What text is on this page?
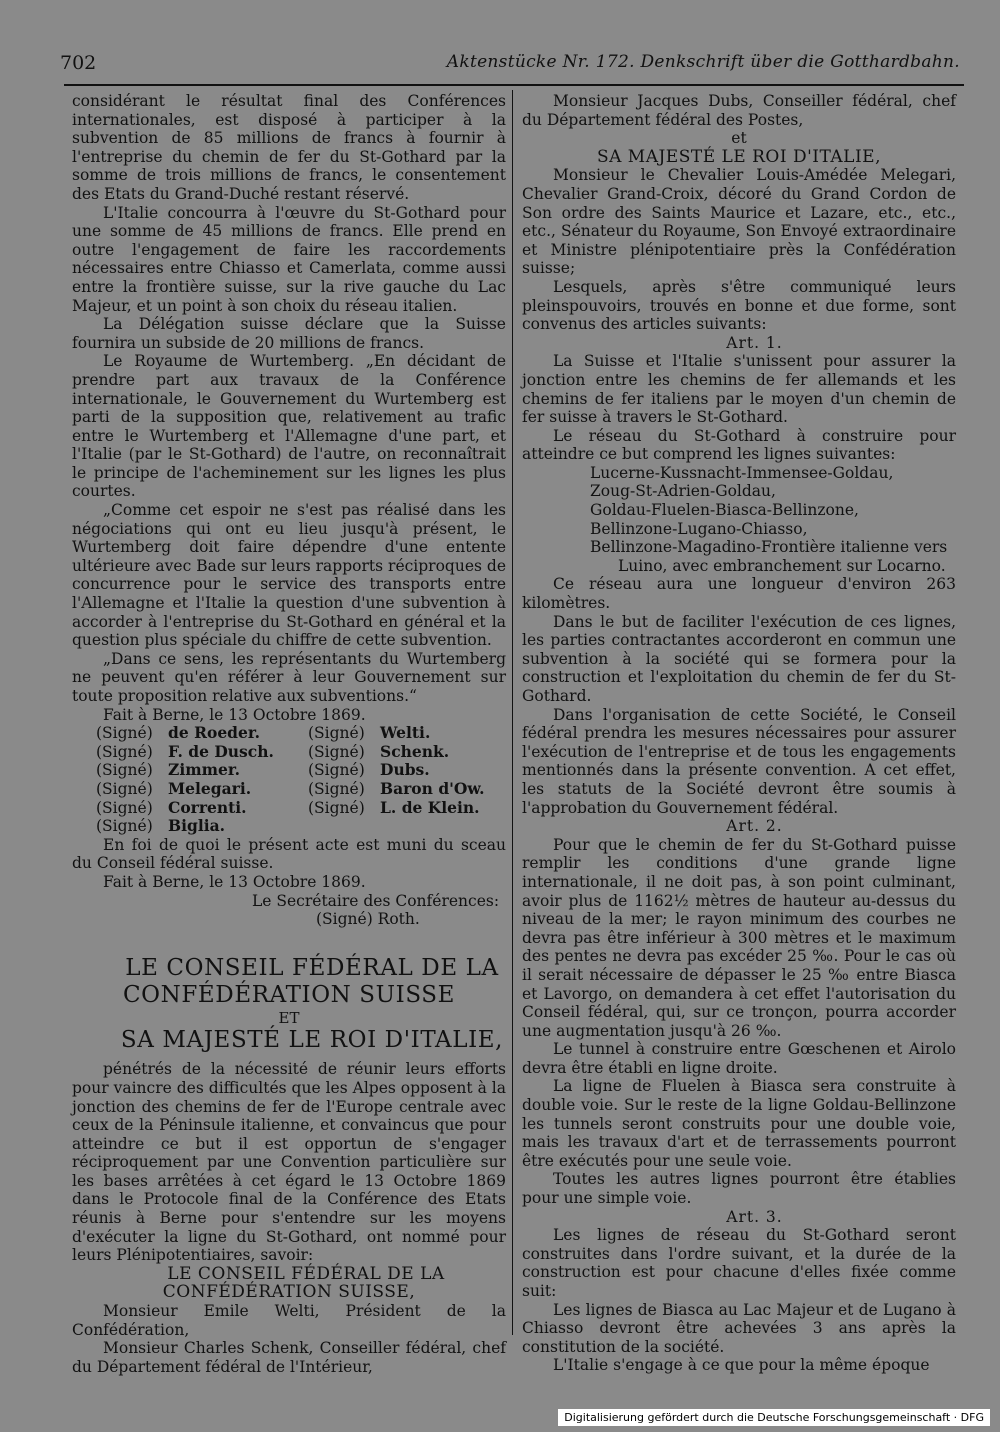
702	Aktenstücke Nr. 172. Denkschrift über die Gotthardbahn.

considérant le résultat final des Conférences internationales, est disposé à participer à la subvention de 85 millions de francs à fournir à l'entreprise du chemin de fer du St-Gothard par la somme de trois millions de francs, le consentement des Etats du Grand-Duché restant réservé.

L'Italie concourra à l'œuvre du St-Gothard pour une somme de 45 millions de francs. Elle prend en outre l'engagement de faire les raccordements nécessaires entre Chiasso et Camerlata, comme aussi entre la frontière suisse, sur la rive gauche du Lac Majeur, et un point à son choix du réseau italien.

La Délégation suisse déclare que la Suisse fournira un subside de 20 millions de francs.

Le Royaume de Wurtemberg. „En décidant de prendre part aux travaux de la Conférence internationale, le Gouvernement du Wurtemberg est parti de la supposition que, relativement au trafic entre le Wurtemberg et l'Allemagne d'une part, et l'Italie (par le St-Gothard) de l'autre, on reconnaîtrait le principe de l'acheminement sur les lignes les plus courtes.

„Comme cet espoir ne s'est pas réalisé dans les négociations qui ont eu lieu jusqu'à présent, le Wurtemberg doit faire dépendre d'une entente ultérieure avec Bade sur leurs rapports réciproques de concurrence pour le service des transports entre l'Allemagne et l'Italie la question d'une subvention à accorder à l'entreprise du St-Gothard en général et la question plus spéciale du chiffre de cette subvention.

„Dans ce sens, les représentants du Wurtemberg ne peuvent qu'en référer à leur Gouvernement sur toute proposition relative aux subventions.“

Fait à Berne, le 13 Octobre 1869.

(Signé) de Roeder.	(Signé) Welti.
(Signé) F. de Dusch.	(Signé) Schenk.
(Signé) Zimmer.	(Signé) Dubs.
(Signé) Melegari.	(Signé) Baron d'Ow.
(Signé) Correnti.	(Signé) L. de Klein.
(Signé) Biglia.

En foi de quoi le présent acte est muni du sceau du Conseil fédéral suisse.

Fait à Berne, le 13 Octobre 1869.

Le Secrétaire des Conférences:

(Signé) Roth.

LE CONSEIL FÉDÉRAL DE LA CONFÉDÉRATION SUISSE

ET

SA MAJESTÉ LE ROI D'ITALIE,

pénétrés de la nécessité de réunir leurs efforts pour vaincre des difficultés que les Alpes opposent à la jonction des chemins de fer de l'Europe centrale avec ceux de la Péninsule italienne, et convaincus que pour atteindre ce but il est opportun de s'engager réciproquement par une Convention particulière sur les bases arrêtées à cet égard le 13 Octobre 1869 dans le Protocole final de la Conférence des Etats réunis à Berne pour s'entendre sur les moyens d'exécuter la ligne du St-Gothard, ont nommé pour leurs Plénipotentiaires, savoir:

LE CONSEIL FÉDÉRAL DE LA CONFÉDÉRATION SUISSE,

Monsieur Emile Welti, Président de la Confédération,

Monsieur Charles Schenk, Conseiller fédéral, chef du Département fédéral de l'Intérieur,

Monsieur Jacques Dubs, Conseiller fédéral, chef du Département fédéral des Postes,

et

SA MAJESTÉ LE ROI D'ITALIE,

Monsieur le Chevalier Louis-Amédée Melegari, Chevalier Grand-Croix, décoré du Grand Cordon de Son ordre des Saints Maurice et Lazare, etc., etc., etc., Sénateur du Royaume, Son Envoyé extraordinaire et Ministre plénipotentiaire près la Confédération suisse;

Lesquels, après s'être communiqué leurs pleinspouvoirs, trouvés en bonne et due forme, sont convenus des articles suivants:

Art. 1.

La Suisse et l'Italie s'unissent pour assurer la jonction entre les chemins de fer allemands et les chemins de fer italiens par le moyen d'un chemin de fer suisse à travers le St-Gothard.

Le réseau du St-Gothard à construire pour atteindre ce but comprend les lignes suivantes:

Lucerne-Kussnacht-Immensee-Goldau,

Zoug-St-Adrien-Goldau,

Goldau-Fluelen-Biasca-Bellinzone,

Bellinzone-Lugano-Chiasso,

Bellinzone-Magadino-Frontière italienne vers

Luino, avec embranchement sur Locarno.

Ce réseau aura une longueur d'environ 263 kilomètres.

Dans le but de faciliter l'exécution de ces lignes, les parties contractantes accorderont en commun une subvention à la société qui se formera pour la construction et l'exploitation du chemin de fer du St-Gothard.

Dans l'organisation de cette Société, le Conseil fédéral prendra les mesures nécessaires pour assurer l'exécution de l'entreprise et de tous les engagements mentionnés dans la présente convention. A cet effet, les statuts de la Société devront être soumis à l'approbation du Gouvernement fédéral.

Art. 2.

Pour que le chemin de fer du St-Gothard puisse remplir les conditions d'une grande ligne internationale, il ne doit pas, à son point culminant, avoir plus de 1162½ mètres de hauteur au-dessus du niveau de la mer; le rayon minimum des courbes ne devra pas être inférieur à 300 mètres et le maximum des pentes ne devra pas excéder 25 ‰. Pour le cas où il serait nécessaire de dépasser le 25 ‰ entre Biasca et Lavorgo, on demandera à cet effet l'autorisation du Conseil fédéral, qui, sur ce tronçon, pourra accorder une augmentation jusqu'à 26 ‰.

Le tunnel à construire entre Gœschenen et Airolo devra être établi en ligne droite.

La ligne de Fluelen à Biasca sera construite à double voie. Sur le reste de la ligne Goldau-Bellinzone les tunnels seront construits pour une double voie, mais les travaux d'art et de terrassements pourront être exécutés pour une seule voie.

Toutes les autres lignes pourront être établies pour une simple voie.

Art. 3.

Les lignes de réseau du St-Gothard seront construites dans l'ordre suivant, et la durée de la construction est pour chacune d'elles fixée comme suit:

Les lignes de Biasca au Lac Majeur et de Lugano à Chiasso devront être achevées 3 ans après la constitution de la société.

L'Italie s'engage à ce que pour la même époque

Digitalisierung gefördert durch die Deutsche Forschungsgemeinschaft · DFG
